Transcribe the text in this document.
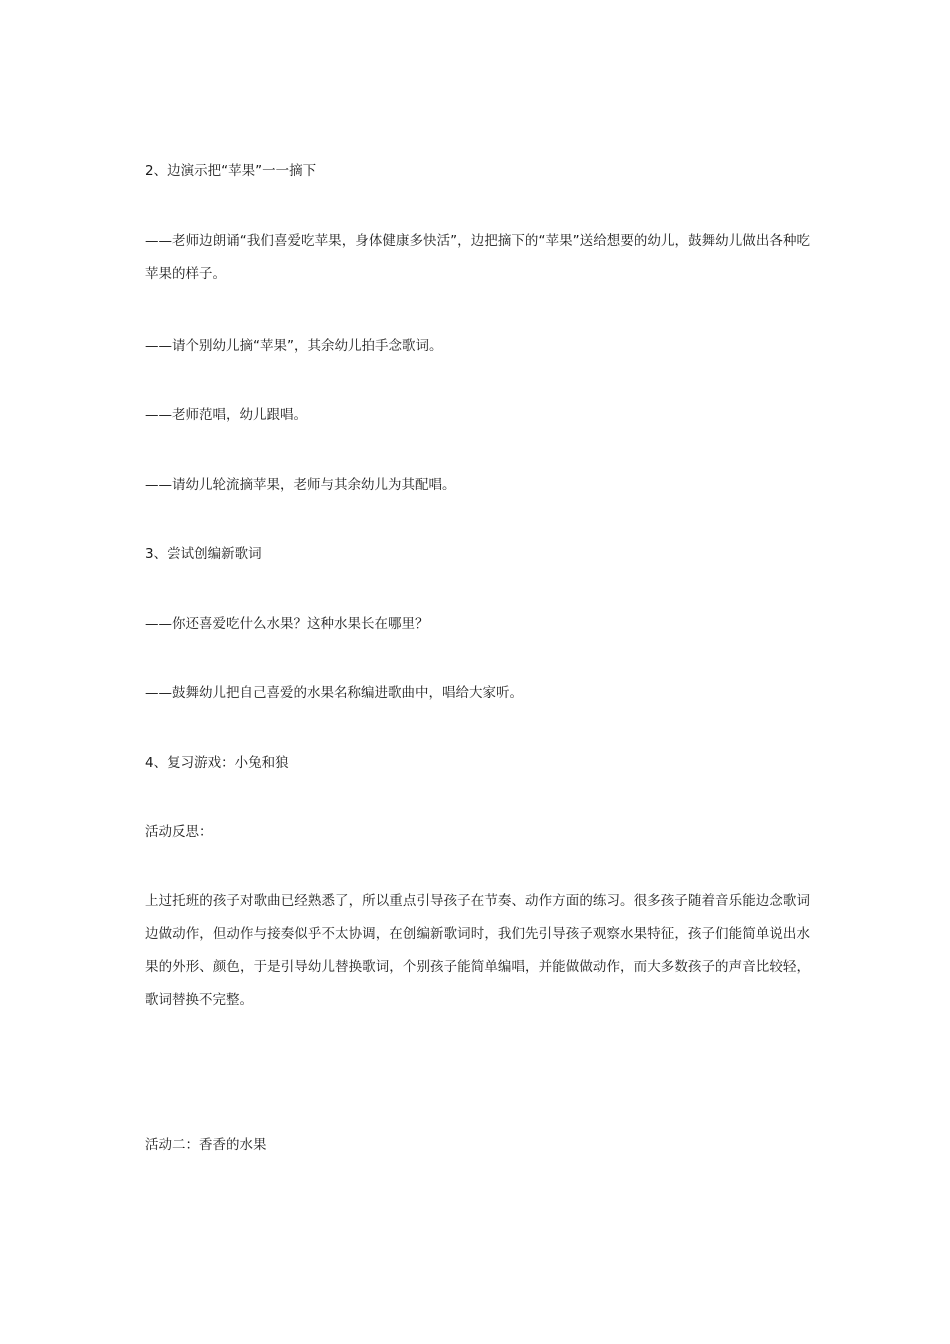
2、边演示把“苹果”一一摘下
——老师边朗诵“我们喜爱吃苹果，身体健康多快活”，边把摘下的“苹果”送给想要的幼儿，鼓舞幼儿做出各种吃苹果的样子。
——请个别幼儿摘“苹果”，其余幼儿拍手念歌词。
——老师范唱，幼儿跟唱。
——请幼儿轮流摘苹果，老师与其余幼儿为其配唱。
3、尝试创编新歌词
——你还喜爱吃什么水果？这种水果长在哪里？
——鼓舞幼儿把自己喜爱的水果名称编进歌曲中，唱给大家听。
4、复习游戏：小兔和狼
活动反思：
上过托班的孩子对歌曲已经熟悉了，所以重点引导孩子在节奏、动作方面的练习。很多孩子随着音乐能边念歌词边做动作，但动作与接奏似乎不太协调，在创编新歌词时，我们先引导孩子观察水果特征，孩子们能简单说出水果的外形、颜色，于是引导幼儿替换歌词，个别孩子能简单编唱，并能做做动作，而大多数孩子的声音比较轻，歌词替换不完整。
活动二：香香的水果
